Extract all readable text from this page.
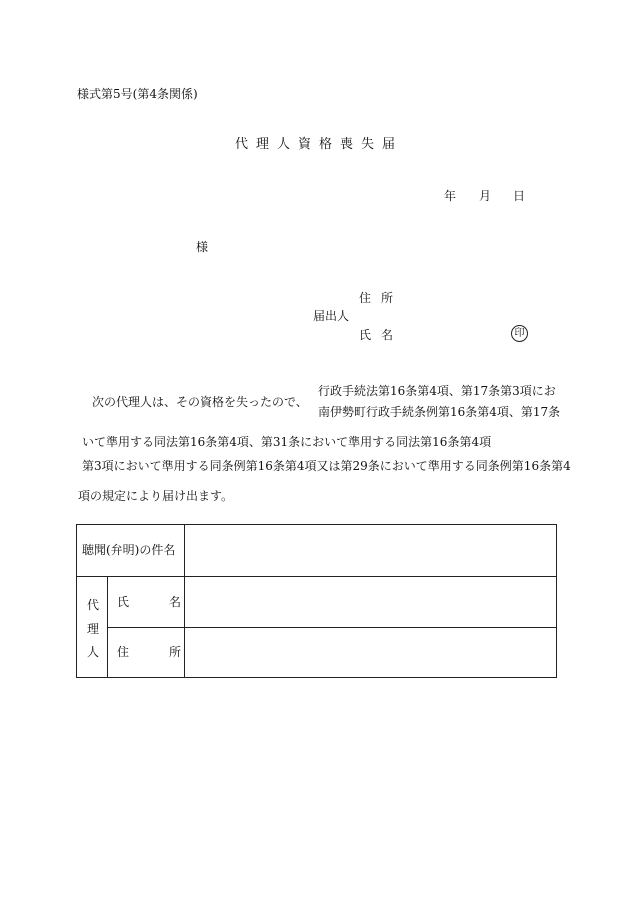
様式第5号(第4条関係)
代理人資格喪失届
年 月 日
様
住所
届出人
氏名	印
次の代理人は、その資格を失ったので、
行政手続法第16条第4項、第17条第3項にお
南伊勢町行政手続条例第16条第4項、第17条
いて準用する同法第16条第4項、第31条において準用する同法第16条第4項
第3項において準用する同条例第16条第4項又は第29条において準用する同条例第16条第4
項の規定により届け出ます。
聴聞(弁明)の件名
代
理
人
氏名
住所
